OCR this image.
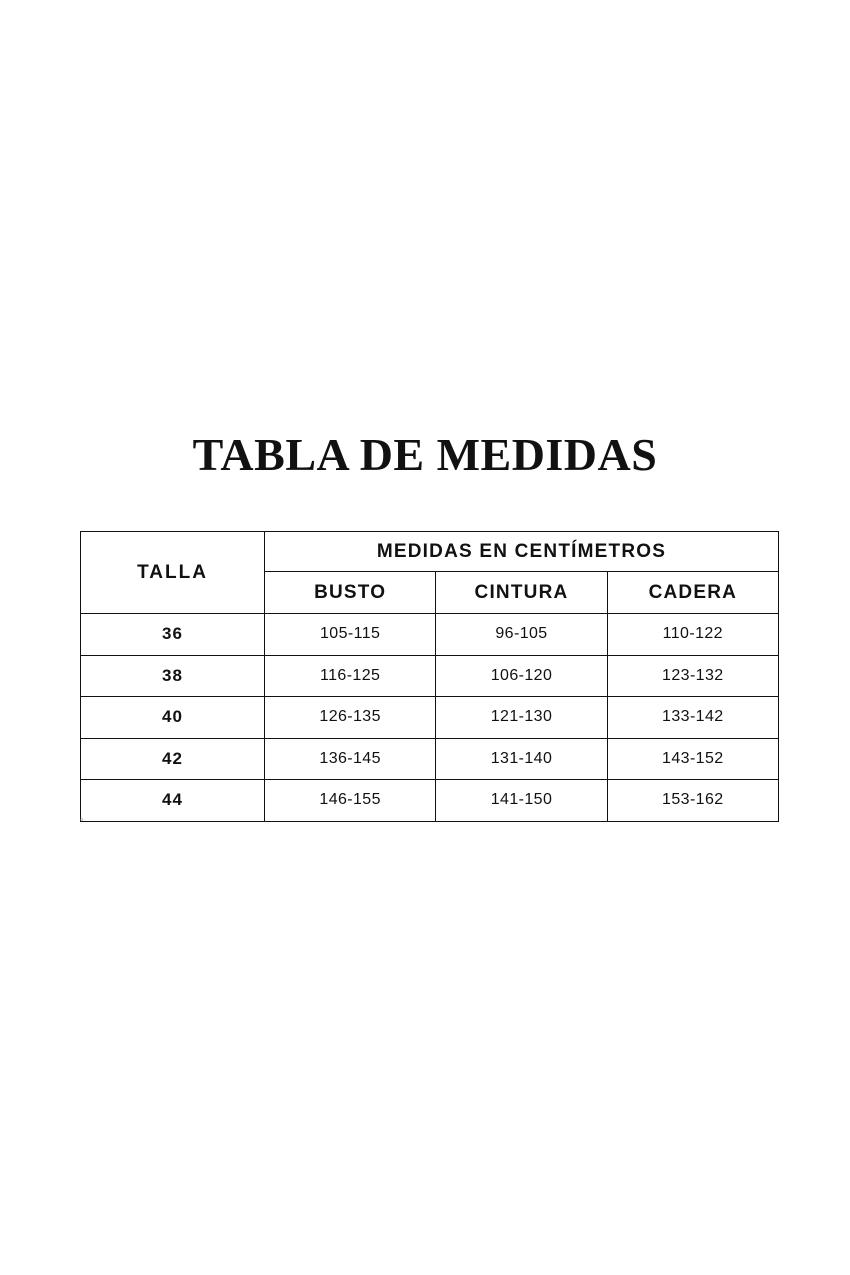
TABLA DE MEDIDAS
TALLA	MEDIDAS EN CENTÍMETROS		
	BUSTO	CINTURA	CADERA
36	105-115	96-105	110-122
38	116-125	106-120	123-132
40	126-135	121-130	133-142
42	136-145	131-140	143-152
44	146-155	141-150	153-162
o
